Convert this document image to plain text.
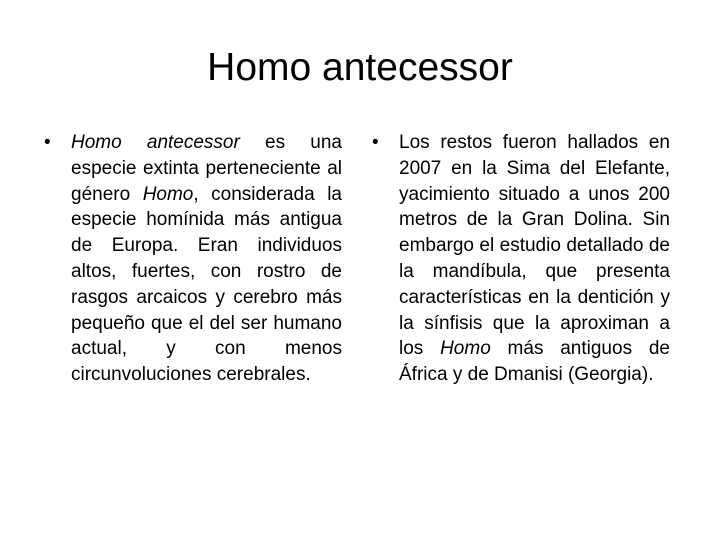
Homo antecessor
•	Homo antecessor es una especie extinta perteneciente al género Homo, considerada la especie homínida más antigua de Europa. Eran individuos altos, fuertes, con rostro de rasgos arcaicos y cerebro más pequeño que el del ser humano actual, y con menos circunvoluciones cerebrales.
•	Los restos fueron hallados en 2007 en la Sima del Elefante, yacimiento situado a unos 200 metros de la Gran Dolina. Sin embargo el estudio detallado de la mandíbula, que presenta características en la dentición y la sínfisis que la aproximan a los Homo más antiguos de África y de Dmanisi (Georgia).
